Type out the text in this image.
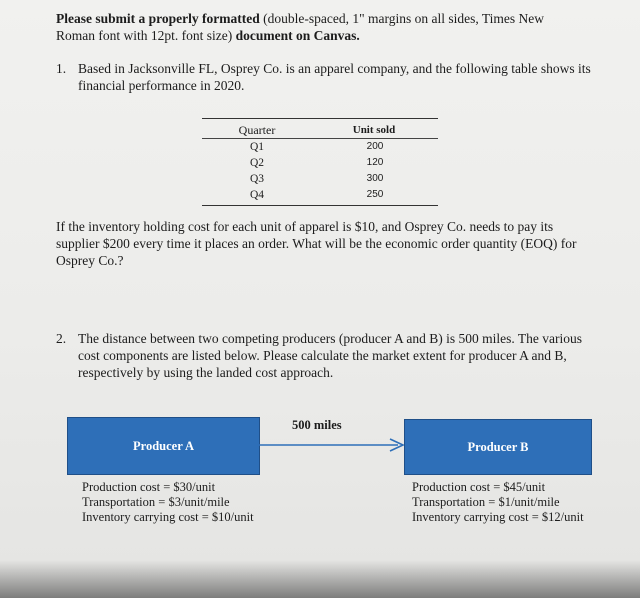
Please submit a properly formatted (double-spaced, 1" margins on all sides, Times New Roman font with 12pt. font size) document on Canvas.
1. Based in Jacksonville FL, Osprey Co. is an apparel company, and the following table shows its financial performance in 2020.
Quarter	Unit sold
Q1	200
Q2	120
Q3	300
Q4	250
If the inventory holding cost for each unit of apparel is $10, and Osprey Co. needs to pay its supplier $200 every time it places an order. What will be the economic order quantity (EOQ) for Osprey Co.?
2. The distance between two competing producers (producer A and B) is 500 miles. The various cost components are listed below. Please calculate the market extent for producer A and B, respectively by using the landed cost approach.
Producer A
500 miles
Producer B
Production cost = $30/unit
Transportation = $3/unit/mile
Inventory carrying cost = $10/unit
Production cost = $45/unit
Transportation = $1/unit/mile
Inventory carrying cost = $12/unit
